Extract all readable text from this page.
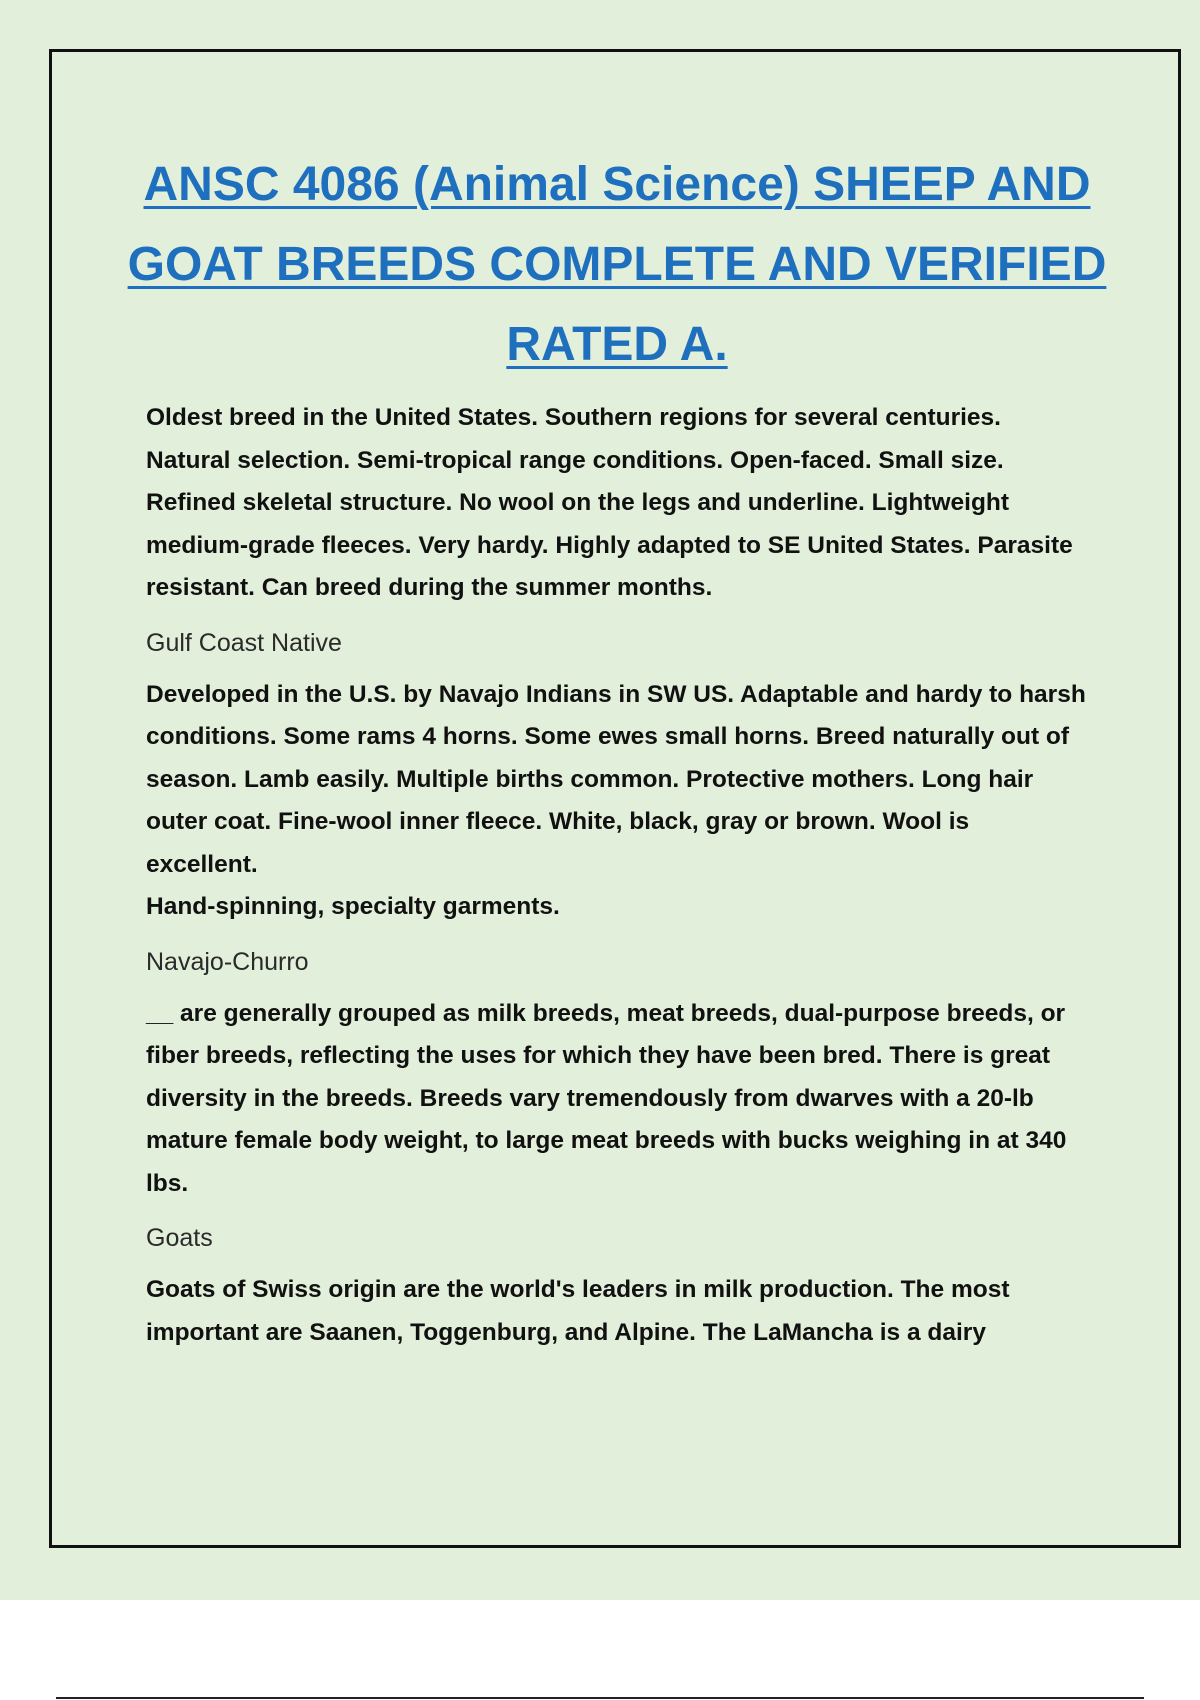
ANSC 4086 (Animal Science) SHEEP AND GOAT BREEDS COMPLETE AND VERIFIED RATED A.

Oldest breed in the United States. Southern regions for several centuries. Natural selection. Semi-tropical range conditions. Open-faced. Small size. Refined skeletal structure. No wool on the legs and underline. Lightweight medium-grade fleeces. Very hardy. Highly adapted to SE United States. Parasite resistant. Can breed during the summer months.

Gulf Coast Native

Developed in the U.S. by Navajo Indians in SW US. Adaptable and hardy to harsh conditions. Some rams 4 horns. Some ewes small horns. Breed naturally out of season. Lamb easily. Multiple births common. Protective mothers. Long hair outer coat. Fine-wool inner fleece. White, black, gray or brown. Wool is excellent.

Hand-spinning, specialty garments.

Navajo-Churro

__ are generally grouped as milk breeds, meat breeds, dual-purpose breeds, or fiber breeds, reflecting the uses for which they have been bred. There is great diversity in the breeds. Breeds vary tremendously from dwarves with a 20-lb mature female body weight, to large meat breeds with bucks weighing in at 340 lbs.

Goats

Goats of Swiss origin are the world's leaders in milk production. The most important are Saanen, Toggenburg, and Alpine. The LaMancha is a dairy
